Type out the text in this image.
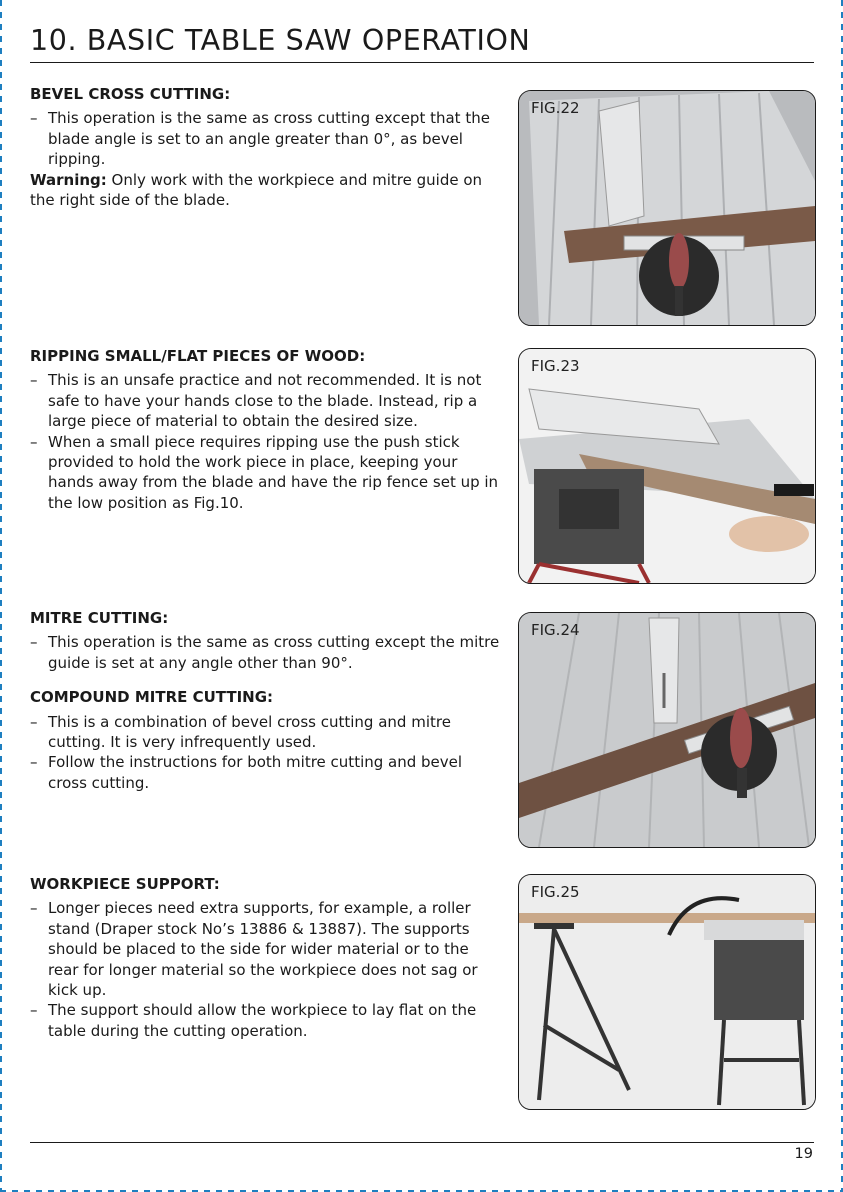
10. BASIC TABLE SAW OPERATION

BEVEL CROSS CUTTING:

– This operation is the same as cross cutting except that the blade angle is set to an angle greater than 0°, as bevel ripping.

Warning: Only work with the workpiece and mitre guide on the right side of the blade.

RIPPING SMALL/FLAT PIECES OF WOOD:

– This is an unsafe practice and not recommended. It is not safe to have your hands close to the blade. Instead, rip a large piece of material to obtain the desired size.

– When a small piece requires ripping use the push stick provided to hold the work piece in place, keeping your hands away from the blade and have the rip fence set up in the low position as Fig.10.

MITRE CUTTING:

– This operation is the same as cross cutting except the mitre guide is set at any angle other than 90°.

COMPOUND MITRE CUTTING:

– This is a combination of bevel cross cutting and mitre cutting. It is very infrequently used.

– Follow the instructions for both mitre cutting and bevel cross cutting.

WORKPIECE SUPPORT:

– Longer pieces need extra supports, for example, a roller stand (Draper stock No’s 13886 & 13887). The supports should be placed to the side for wider material or to the rear for longer material so the workpiece does not sag or kick up.

– The support should allow the workpiece to lay flat on the table during the cutting operation.

FIG.22
FIG.23
FIG.24
FIG.25
19
